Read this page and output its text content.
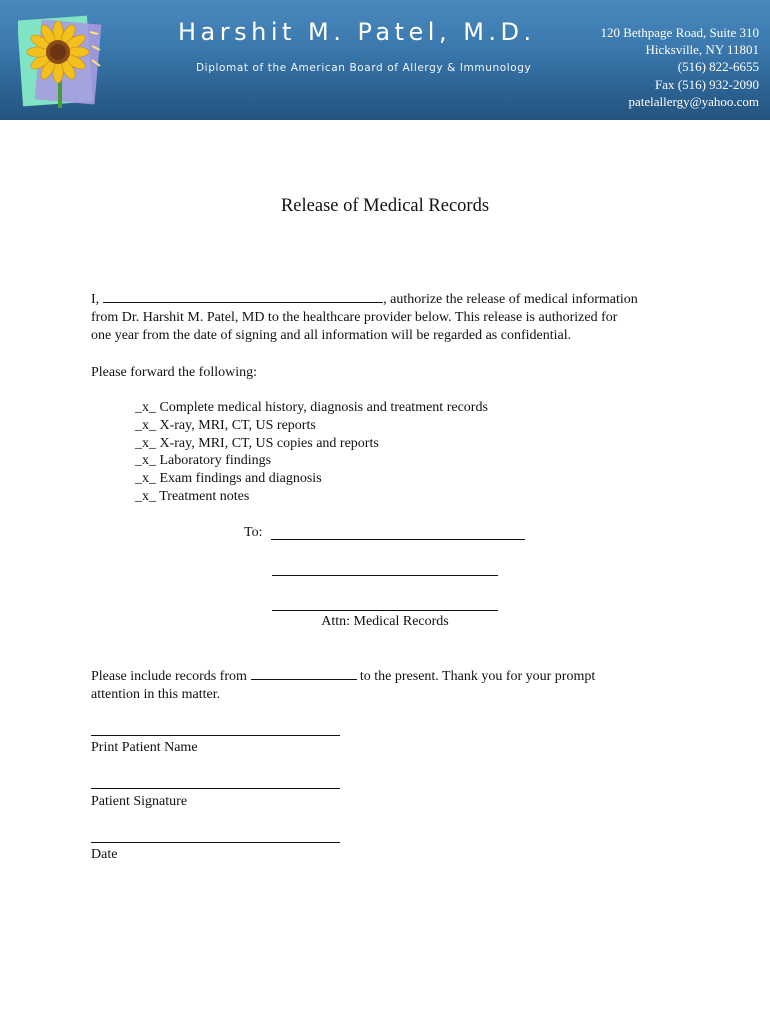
Harshit M. Patel, M.D.
Diplomat of the American Board of Allergy & Immunology
120 Bethpage Road, Suite 310
Hicksville, NY 11801
(516) 822-6655
Fax (516) 932-2090
patelallergy@yahoo.com
Release of Medical Records
I,	, authorize the release of medical information
from Dr. Harshit M. Patel, MD to the healthcare provider below. This release is authorized for
one year from the date of signing and all information will be regarded as confidential.
Please forward the following:
_x_ Complete medical history, diagnosis and treatment records
_x_ X-ray, MRI, CT, US reports
_x_ X-ray, MRI, CT, US copies and reports
_x_ Laboratory findings
_x_ Exam findings and diagnosis
_x_ Treatment notes
To:
Attn: Medical Records
Please include records from	to the present. Thank you for your prompt
attention in this matter.
Print Patient Name
Patient Signature
Date
